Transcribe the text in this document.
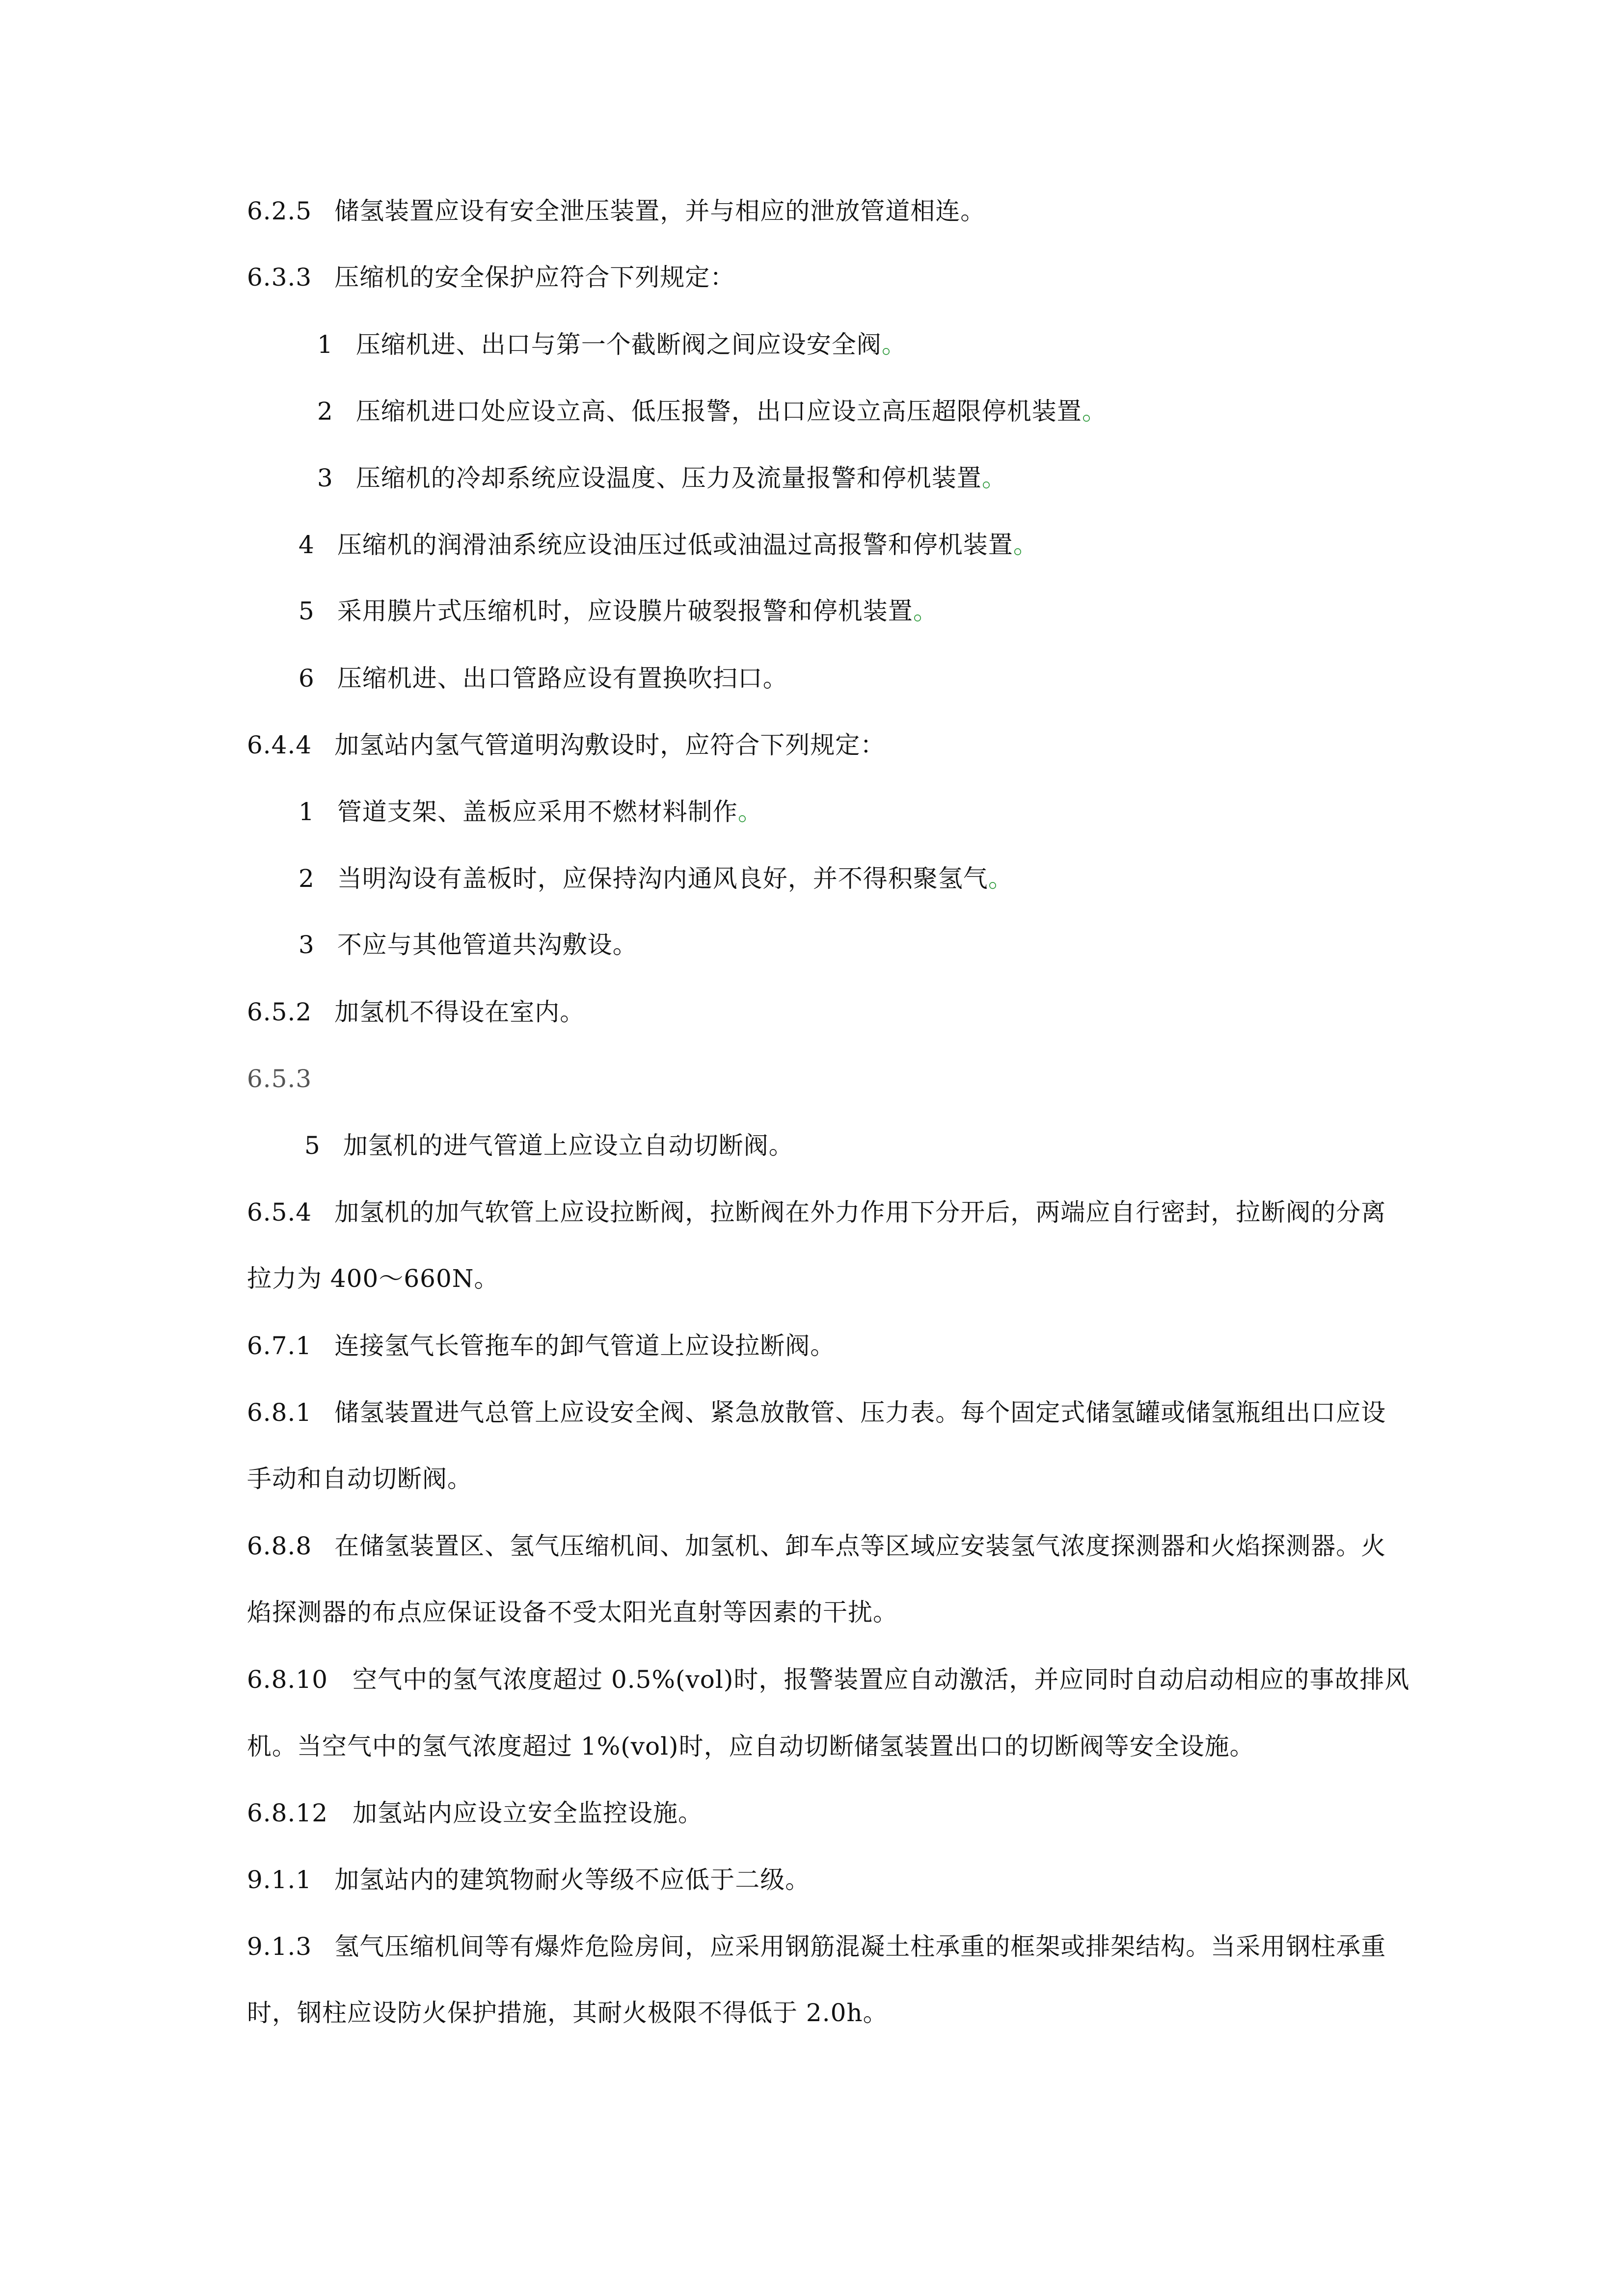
6.2.5 储氢装置应设有安全泄压装置，并与相应的泄放管道相连。
6.3.3 压缩机的安全保护应符合下列规定：
1 压缩机进、出口与第一个截断阀之间应设安全阀。
2 压缩机进口处应设立高、低压报警，出口应设立高压超限停机装置。
3 压缩机的冷却系统应设温度、压力及流量报警和停机装置。
4 压缩机的润滑油系统应设油压过低或油温过高报警和停机装置。
5 采用膜片式压缩机时，应设膜片破裂报警和停机装置。
6 压缩机进、出口管路应设有置换吹扫口。
6.4.4 加氢站内氢气管道明沟敷设时，应符合下列规定：
1 管道支架、盖板应采用不燃材料制作。
2 当明沟设有盖板时，应保持沟内通风良好，并不得积聚氢气。
3 不应与其他管道共沟敷设。
6.5.2 加氢机不得设在室内。
6.5.3
5 加氢机的进气管道上应设立自动切断阀。
6.5.4 加氢机的加气软管上应设拉断阀，拉断阀在外力作用下分开后，两端应自行密封，拉断阀的分离
拉力为 400～660N。
6.7.1 连接氢气长管拖车的卸气管道上应设拉断阀。
6.8.1 储氢装置进气总管上应设安全阀、紧急放散管、压力表。每个固定式储氢罐或储氢瓶组出口应设
手动和自动切断阀。
6.8.8 在储氢装置区、氢气压缩机间、加氢机、卸车点等区域应安装氢气浓度探测器和火焰探测器。火
焰探测器的布点应保证设备不受太阳光直射等因素的干扰。
6.8.10 空气中的氢气浓度超过 0.5%(vol)时，报警装置应自动激活，并应同时自动启动相应的事故排风
机。当空气中的氢气浓度超过 1%(vol)时，应自动切断储氢装置出口的切断阀等安全设施。
6.8.12 加氢站内应设立安全监控设施。
9.1.1 加氢站内的建筑物耐火等级不应低于二级。
9.1.3 氢气压缩机间等有爆炸危险房间，应采用钢筋混凝土柱承重的框架或排架结构。当采用钢柱承重
时，钢柱应设防火保护措施，其耐火极限不得低于 2.0h。
